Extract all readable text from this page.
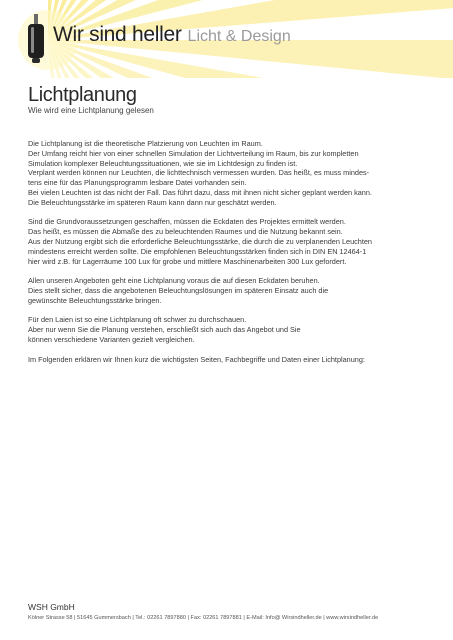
Wir sind heller Licht & Design
Lichtplanung
Wie wird eine Lichtplanung gelesen

Die Lichtplanung ist die theoretische Platzierung von Leuchten im Raum.
Der Umfang reicht hier von einer schnellen Simulation der Lichtverteilung im Raum, bis zur kompletten
Simulation komplexer Beleuchtungssituationen, wie sie im Lichtdesign zu finden ist.
Verplant werden können nur Leuchten, die lichttechnisch vermessen wurden. Das heißt, es muss mindes-
tens eine für das Planungsprogramm lesbare Datei vorhanden sein.
Bei vielen Leuchten ist das nicht der Fall. Das führt dazu, dass mit ihnen nicht sicher geplant werden kann.
Die Beleuchtungsstärke im späteren Raum kann dann nur geschätzt werden.

Sind die Grundvoraussetzungen geschaffen, müssen die Eckdaten des Projektes ermittelt werden.
Das heißt, es müssen die Abmaße des zu beleuchtenden Raumes und die Nutzung bekannt sein.
Aus der Nutzung ergibt sich die erforderliche Beleuchtungsstärke, die durch die zu verplanenden Leuchten
mindestens erreicht werden sollte. Die empfohlenen Beleuchtungsstärken finden sich in DIN EN 12464-1
hier wird z.B. für Lagerräume 100 Lux für grobe und mittlere Maschinenarbeiten 300 Lux gefordert.

Allen unseren Angeboten geht eine Lichtplanung voraus die auf diesen Eckdaten beruhen.
Dies stellt sicher, dass die angebotenen Beleuchtungslösungen im späteren Einsatz auch die
gewünschte Beleuchtungsstärke bringen.

Für den Laien ist so eine Lichtplanung oft schwer zu durchschauen.
Aber nur wenn Sie die Planung verstehen, erschließt sich auch das Angebot und Sie
können verschiedene Varianten gezielt vergleichen.

Im Folgenden erklären wir Ihnen kurz die wichtigsten Seiten, Fachbegriffe und Daten einer Lichtplanung:

WSH GmbH
Kölner Strasse 58 | 51645 Gummersbach | Tel.: 02261 7897880 | Fax: 02261 7897881 | E-Mail: Info@ Wirsindheller.de | www.wirsindheller.de
